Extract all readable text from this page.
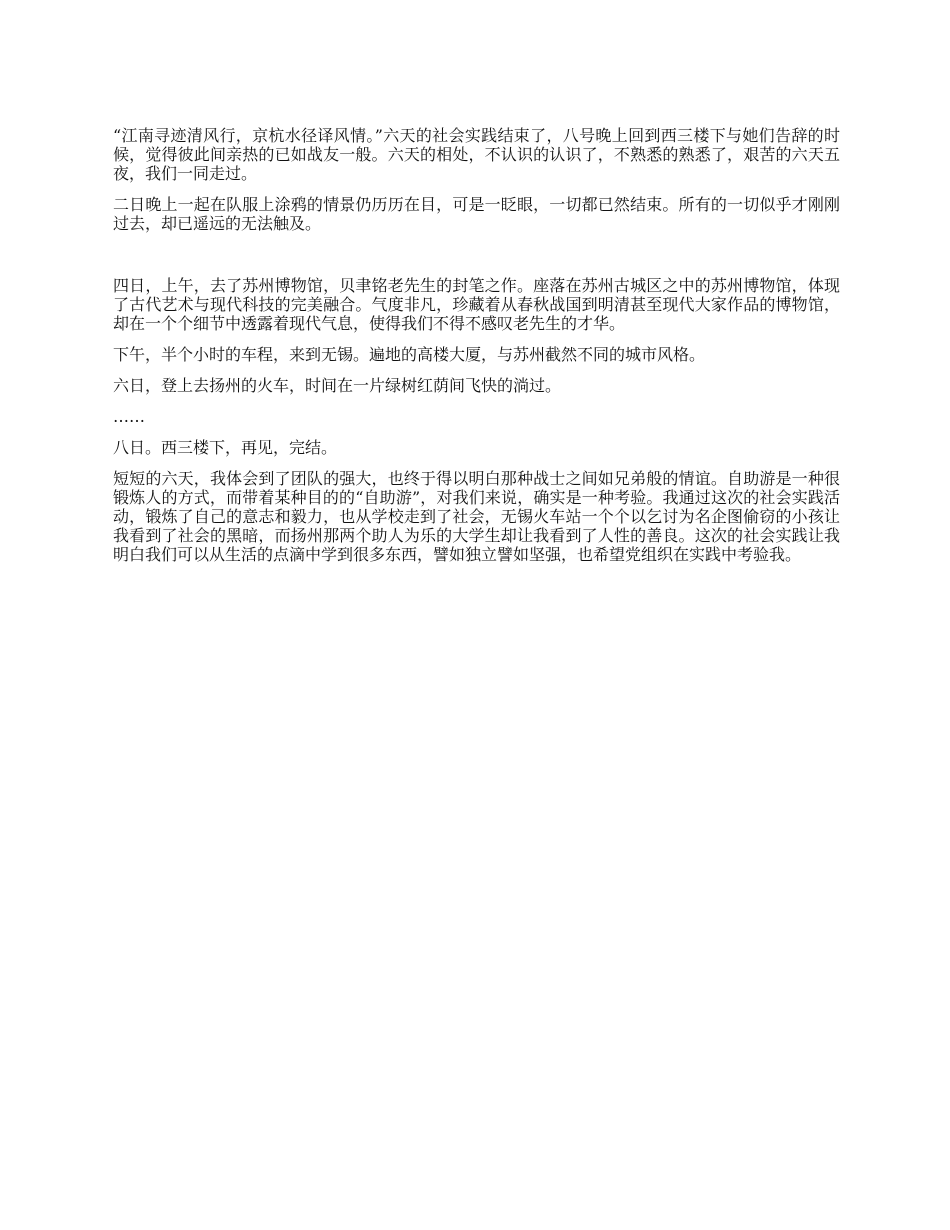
“江南寻迹清风行，京杭水径译风情。”六天的社会实践结束了，八号晚上回到西三楼下与她们告辞的时候，觉得彼此间亲热的已如战友一般。六天的相处，不认识的认识了，不熟悉的熟悉了，艰苦的六天五夜，我们一同走过。

二日晚上一起在队服上涂鸦的情景仍历历在目，可是一眨眼，一切都已然结束。所有的一切似乎才刚刚过去，却已遥远的无法触及。

四日，上午，去了苏州博物馆，贝聿铭老先生的封笔之作。座落在苏州古城区之中的苏州博物馆，体现了古代艺术与现代科技的完美融合。气度非凡，珍藏着从春秋战国到明清甚至现代大家作品的博物馆，却在一个个细节中透露着现代气息，使得我们不得不感叹老先生的才华。

下午，半个小时的车程，来到无锡。遍地的高楼大厦，与苏州截然不同的城市风格。

六日，登上去扬州的火车，时间在一片绿树红荫间飞快的淌过。

……

八日。西三楼下，再见，完结。

短短的六天，我体会到了团队的强大，也终于得以明白那种战士之间如兄弟般的情谊。自助游是一种很锻炼人的方式，而带着某种目的的“自助游”，对我们来说，确实是一种考验。我通过这次的社会实践活动，锻炼了自己的意志和毅力，也从学校走到了社会，无锡火车站一个个以乞讨为名企图偷窃的小孩让我看到了社会的黑暗，而扬州那两个助人为乐的大学生却让我看到了人性的善良。这次的社会实践让我明白我们可以从生活的点滴中学到很多东西，譬如独立譬如坚强，也希望党组织在实践中考验我。
